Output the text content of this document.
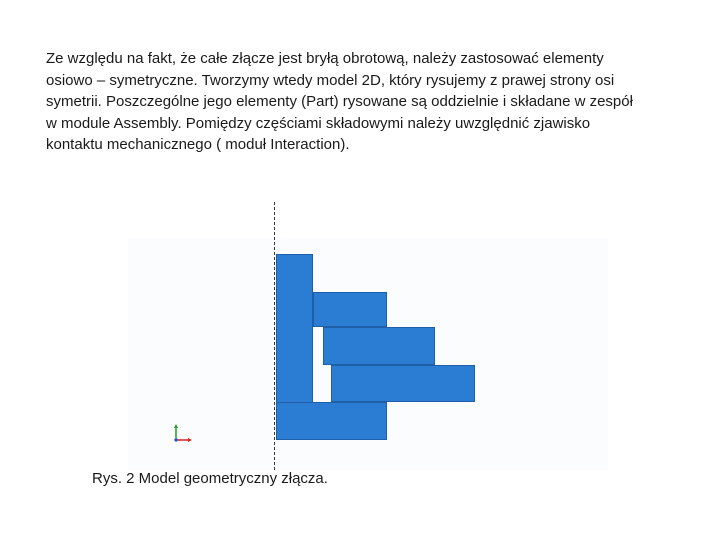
Ze względu na fakt, że całe złącze jest bryłą obrotową, należy zastosować elementy
osiowo – symetryczne. Tworzymy wtedy model 2D, który rysujemy z prawej strony osi
symetrii. Poszczególne jego elementy (Part) rysowane są oddzielnie i składane w zespół
w module Assembly. Pomiędzy częściami składowymi należy uwzględnić zjawisko
kontaktu mechanicznego ( moduł Interaction).

Rys. 2 Model geometryczny złącza.
